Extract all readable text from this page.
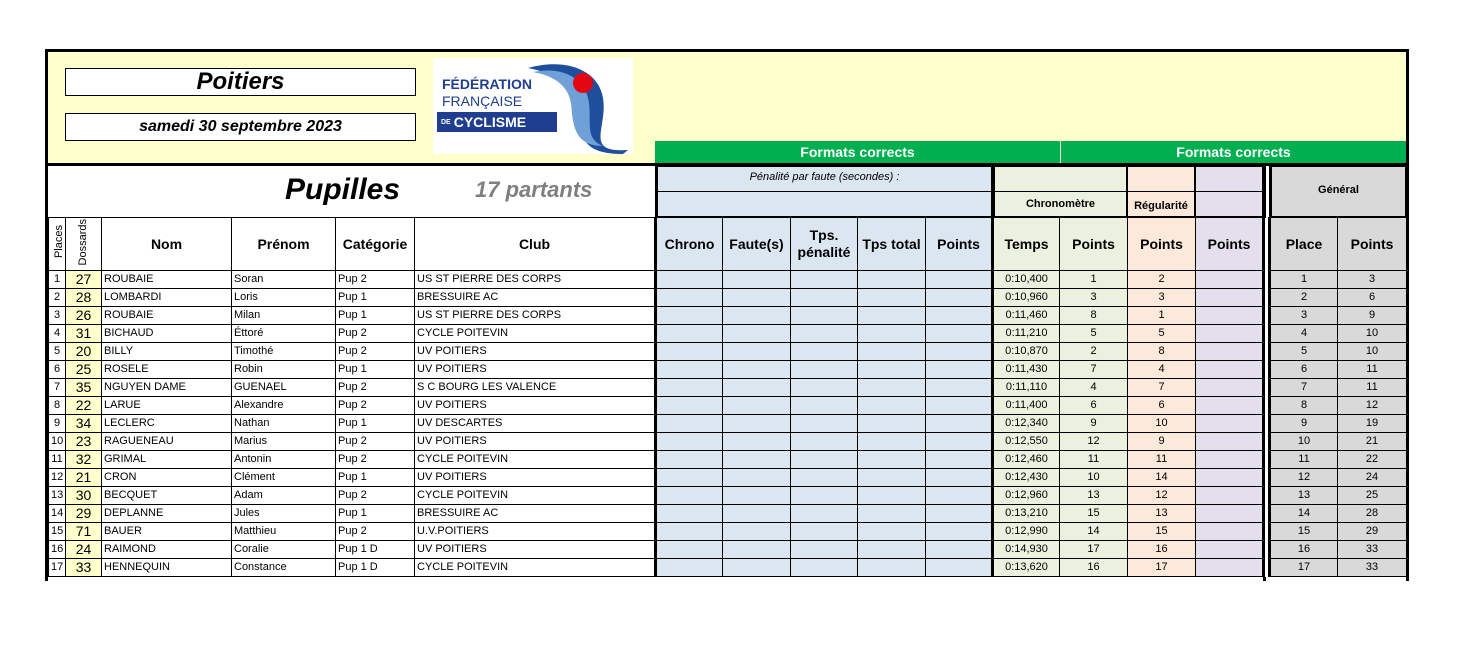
Poitiers
samedi 30 septembre 2023
FÉDÉRATION
FRANÇAISE
DE CYCLISME
Formats corrects	Formats corrects
Pupilles	17 partants	Pénalité par faute (secondes) :
Chronomètre	Régularité
Général
Places	Dossards	Nom	Prénom	Catégorie	Club	Chrono	Faute(s)	Tps. pénalité	Tps total	Points	Temps	Points	Points	Points		Place	Points
1	27	ROUBAIE	Soran	Pup 2	US ST PIERRE DES CORPS						0:10,400	1	2			1	3
2	28	LOMBARDI	Loris	Pup 1	BRESSUIRE AC						0:10,960	3	3			2	6
3	26	ROUBAIE	Milan	Pup 1	US ST PIERRE DES CORPS						0:11,460	8	1			3	9
4	31	BICHAUD	Éttoré	Pup 2	CYCLE POITEVIN						0:11,210	5	5			4	10
5	20	BILLY	Timothé	Pup 2	UV POITIERS						0:10,870	2	8			5	10
6	25	ROSELE	Robin	Pup 1	UV POITIERS						0:11,430	7	4			6	11
7	35	NGUYEN DAME	GUENAEL	Pup 2	S C BOURG LES VALENCE						0:11,110	4	7			7	11
8	22	LARUE	Alexandre	Pup 2	UV POITIERS						0:11,400	6	6			8	12
9	34	LECLERC	Nathan	Pup 1	UV DESCARTES						0:12,340	9	10			9	19
10	23	RAGUENEAU	Marius	Pup 2	UV POITIERS						0:12,550	12	9			10	21
11	32	GRIMAL	Antonin	Pup 2	CYCLE POITEVIN						0:12,460	11	11			11	22
12	21	CRON	Clément	Pup 1	UV POITIERS						0:12,430	10	14			12	24
13	30	BECQUET	Adam	Pup 2	CYCLE POITEVIN						0:12,960	13	12			13	25
14	29	DEPLANNE	Jules	Pup 1	BRESSUIRE AC						0:13,210	15	13			14	28
15	71	BAUER	Matthieu	Pup 2	U.V.POITIERS						0:12,990	14	15			15	29
16	24	RAIMOND	Coralie	Pup 1 D	UV POITIERS						0:14,930	17	16			16	33
17	33	HENNEQUIN	Constance	Pup 1 D	CYCLE POITEVIN						0:13,620	16	17			17	33
